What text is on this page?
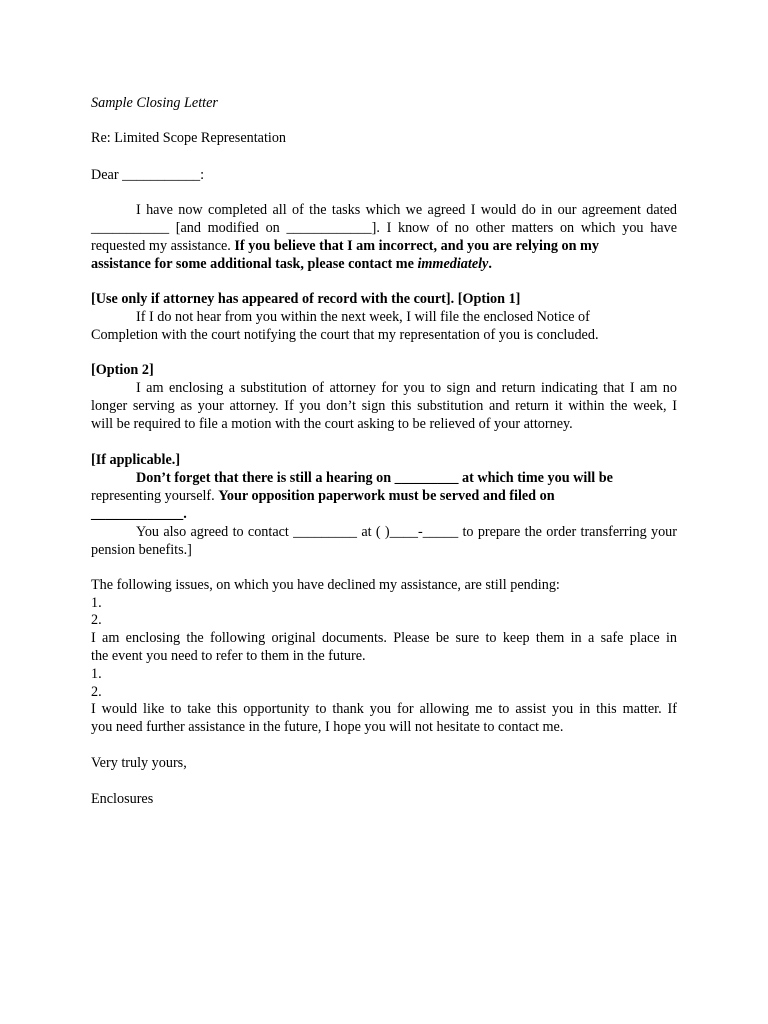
Sample Closing Letter
Re: Limited Scope Representation
Dear ___________:
I have now completed all of the tasks which we agreed I would do in our agreement dated
___________ [and modified on ____________]. I know of no other matters on which you have
requested my assistance. If you believe that I am incorrect, and you are relying on my
assistance for some additional task, please contact me immediately.
[Use only if attorney has appeared of record with the court]. [Option 1]
If I do not hear from you within the next week, I will file the enclosed Notice of
Completion with the court notifying the court that my representation of you is concluded.
[Option 2]
I am enclosing a substitution of attorney for you to sign and return indicating that I am no
longer serving as your attorney. If you don’t sign this substitution and return it within the week, I
will be required to file a motion with the court asking to be relieved of your attorney.
[If applicable.]
Don’t forget that there is still a hearing on _________ at which time you will be
representing yourself. Your opposition paperwork must be served and filed on
_____________.
You also agreed to contact _________ at ( )____-_____ to prepare the order transferring your
pension benefits.]
The following issues, on which you have declined my assistance, are still pending:
1.
2.
I am enclosing the following original documents. Please be sure to keep them in a safe place in
the event you need to refer to them in the future.
1.
2.
I would like to take this opportunity to thank you for allowing me to assist you in this matter. If
you need further assistance in the future, I hope you will not hesitate to contact me.
Very truly yours,
Enclosures
